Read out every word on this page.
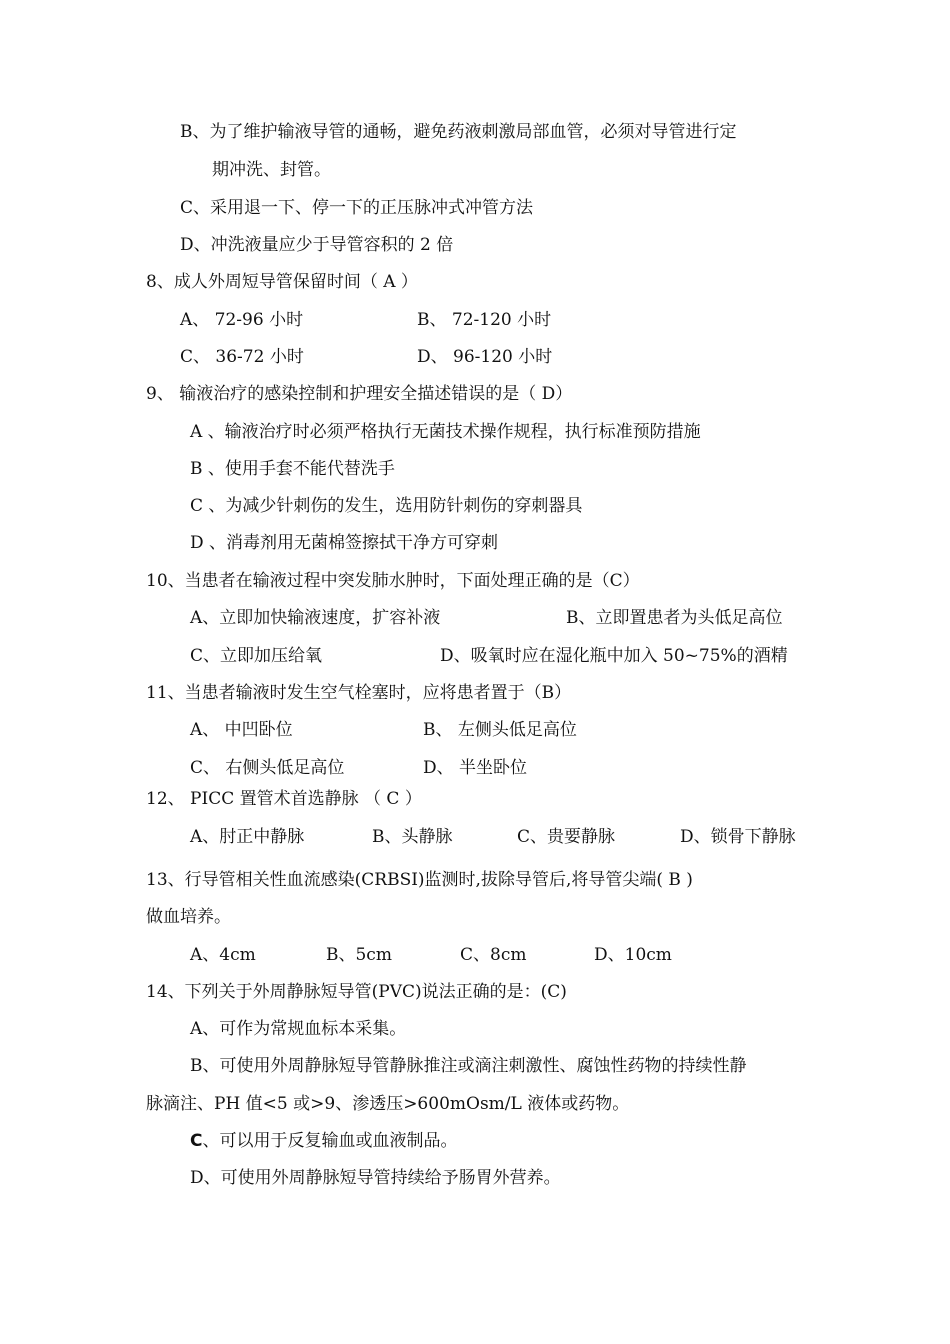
B、为了维护输液导管的通畅，避免药液刺激局部血管，必须对导管进行定
期冲洗、封管。
C、采用退一下、停一下的正压脉冲式冲管方法
D、冲洗液量应少于导管容积的 2 倍
8、成人外周短导管保留时间（ A ）
A、 72-96 小时	B、 72-120 小时
C、 36-72 小时	D、 96-120 小时
9、 输液治疗的感染控制和护理安全描述错误的是（ D）
A 、输液治疗时必须严格执行无菌技术操作规程，执行标准预防措施
B 、使用手套不能代替洗手
C 、为减少针刺伤的发生，选用防针刺伤的穿刺器具
D 、消毒剂用无菌棉签擦拭干净方可穿刺
10、当患者在输液过程中突发肺水肿时，下面处理正确的是（C）
A、立即加快输液速度，扩容补液	B、立即置患者为头低足高位
C、立即加压给氧	D、吸氧时应在湿化瓶中加入 50~75%的酒精
11、当患者输液时发生空气栓塞时，应将患者置于（B）
A、 中凹卧位	B、 左侧头低足高位
C、 右侧头低足高位	D、 半坐卧位
12、 PICC 置管术首选静脉 （ C ）
A、肘正中静脉	B、头静脉	C、贵要静脉	D、锁骨下静脉
13、行导管相关性血流感染(CRBSI)监测时,拔除导管后,将导管尖端( B )
做血培养。
A、4cm	B、5cm	C、8cm	D、10cm
14、下列关于外周静脉短导管(PVC)说法正确的是：(C)
A、可作为常规血标本采集。
B、可使用外周静脉短导管静脉推注或滴注刺激性、腐蚀性药物的持续性静
脉滴注、PH 值<5 或>9、渗透压>600mOsm/L 液体或药物。
C、可以用于反复输血或血液制品。
D、可使用外周静脉短导管持续给予肠胃外营养。
